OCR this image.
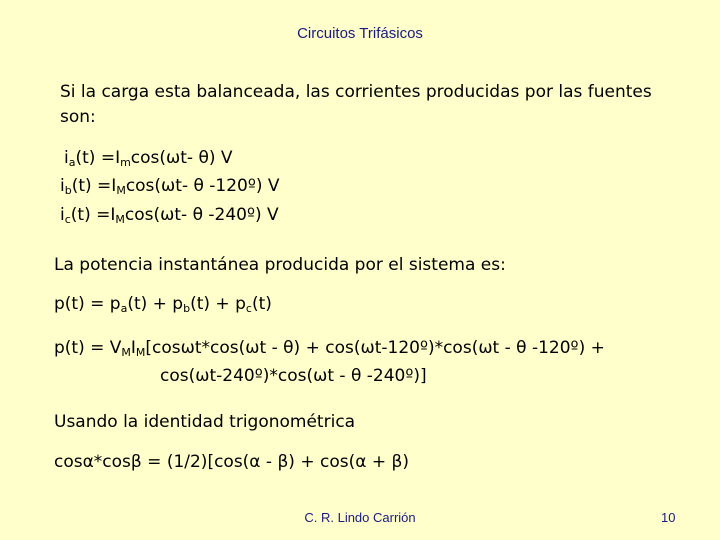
Circuitos Trifásicos
Si la carga esta balanceada, las corrientes producidas por las fuentes son:
$i_a(t) =I_m\cos(\omega t-$ θ) V
$i_b(t) =I_M\cos(\omega t-$ θ -120º) V
$i_c(t) =I_M\cos(\omega t-$ θ -240º) V
La potencia instantánea producida por el sistema es:
$p(t) = p_a(t) + p_b(t) + p_c(t)$
$p(t) = V_MI_M[\cos\omega t*\cos(\omega t - \theta)$ + cos(ωt-120º)*cos(ωt - θ -120º) +
cos(ωt-240º)*cos(ωt - θ -240º)]
Usando la identidad trigonométrica
cosα*cosβ = (1/2)[cos(α - β) + cos(α + β)
C. R. Lindo Carrión	10
